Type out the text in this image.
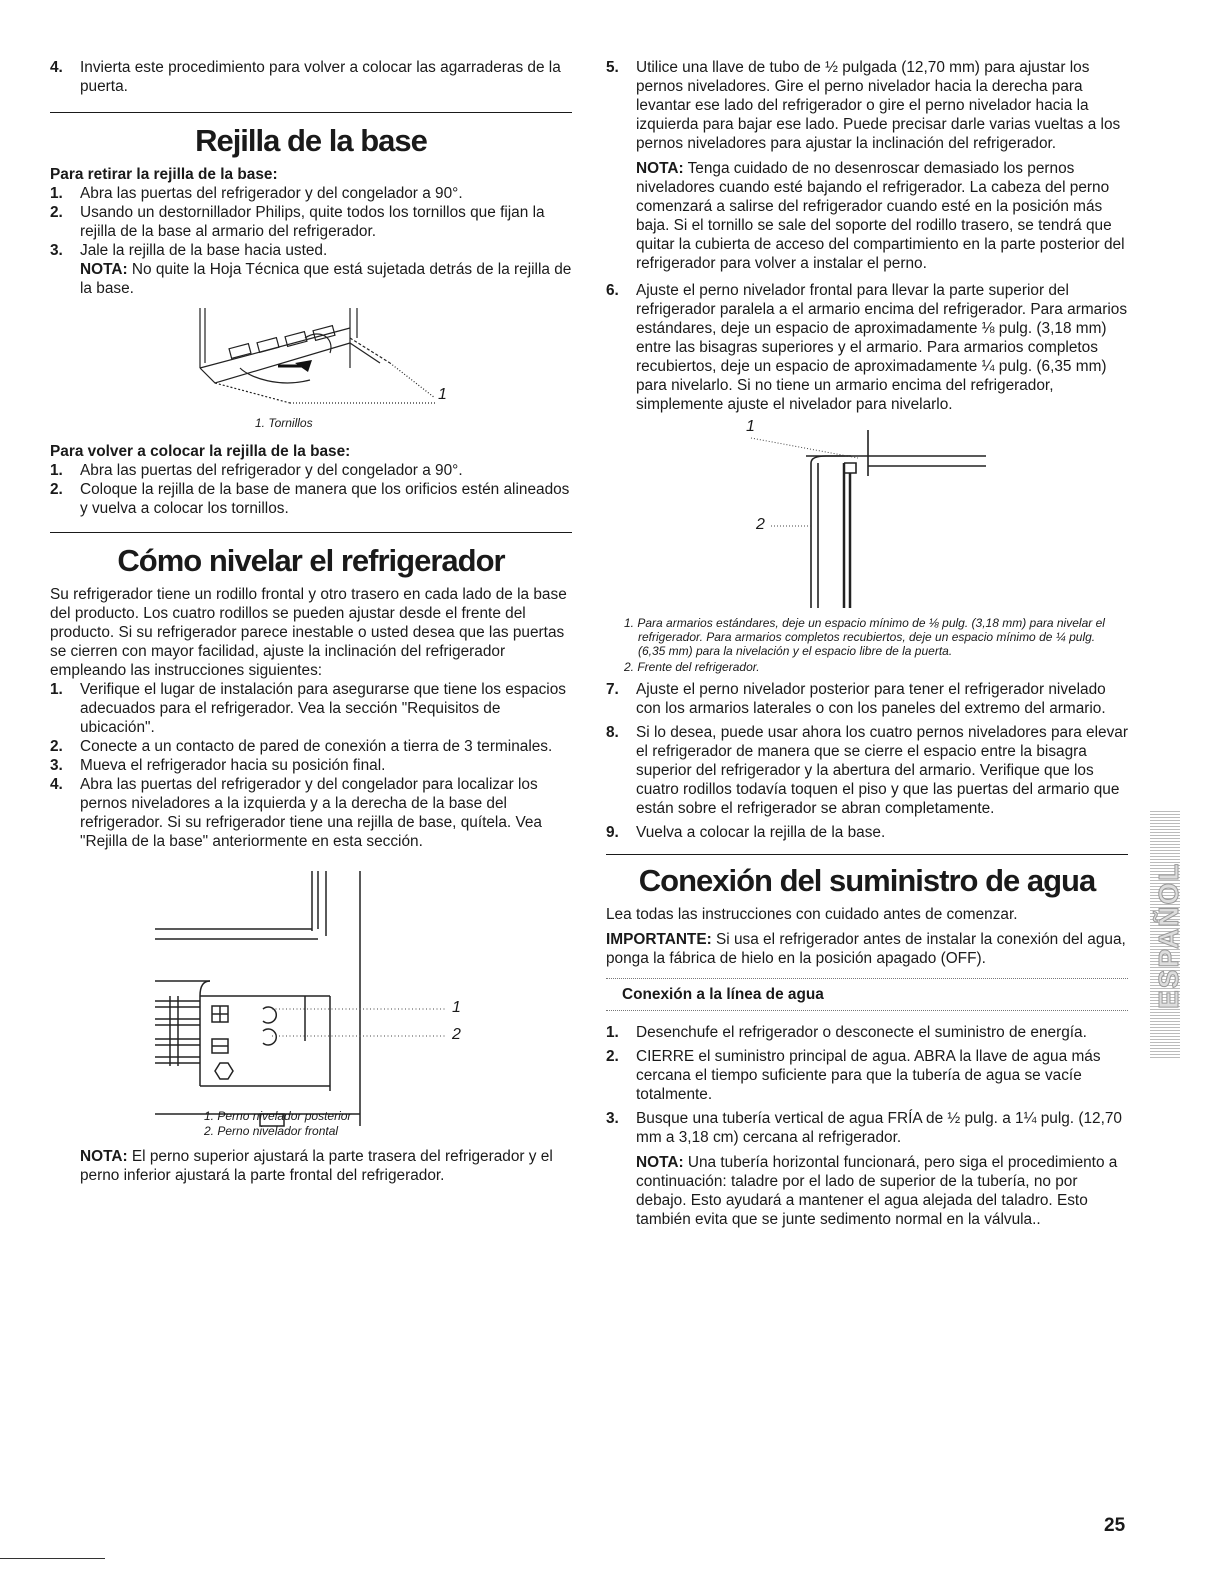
4. Invierta este procedimiento para volver a colocar las agarraderas de la puerta.
Rejilla de la base
Para retirar la rejilla de la base:
1. Abra las puertas del refrigerador y del congelador a 90°.
2. Usando un destornillador Philips, quite todos los tornillos que fijan la rejilla de la base al armario del refrigerador.
3. Jale la rejilla de la base hacia usted.
NOTA: No quite la Hoja Técnica que está sujetada detrás de la rejilla de la base.
1
1. Tornillos
Para volver a colocar la rejilla de la base:
1. Abra las puertas del refrigerador y del congelador a 90°.
2. Coloque la rejilla de la base de manera que los orificios estén alineados y vuelva a colocar los tornillos.
Cómo nivelar el refrigerador
Su refrigerador tiene un rodillo frontal y otro trasero en cada lado de la base del producto. Los cuatro rodillos se pueden ajustar desde el frente del producto. Si su refrigerador parece inestable o usted desea que las puertas se cierren con mayor facilidad, ajuste la inclinación del refrigerador empleando las instrucciones siguientes:
1. Verifique el lugar de instalación para asegurarse que tiene los espacios adecuados para el refrigerador. Vea la sección "Requisitos de ubicación".
2. Conecte a un contacto de pared de conexión a tierra de 3 terminales.
3. Mueva el refrigerador hacia su posición final.
4. Abra las puertas del refrigerador y del congelador para localizar los pernos niveladores a la izquierda y a la derecha de la base del refrigerador. Si su refrigerador tiene una rejilla de base, quítela. Vea "Rejilla de la base" anteriormente en esta sección.
1
2
1. Perno nivelador posterior
2. Perno nivelador frontal
NOTA: El perno superior ajustará la parte trasera del refrigerador y el perno inferior ajustará la parte frontal del refrigerador.
5. Utilice una llave de tubo de ½ pulgada (12,70 mm) para ajustar los pernos niveladores. Gire el perno nivelador hacia la derecha para levantar ese lado del refrigerador o gire el perno nivelador hacia la izquierda para bajar ese lado. Puede precisar darle varias vueltas a los pernos niveladores para ajustar la inclinación del refrigerador.
NOTA: Tenga cuidado de no desenroscar demasiado los pernos niveladores cuando esté bajando el refrigerador. La cabeza del perno comenzará a salirse del refrigerador cuando esté en la posición más baja. Si el tornillo se sale del soporte del rodillo trasero, se tendrá que quitar la cubierta de acceso del compartimiento en la parte posterior del refrigerador para volver a instalar el perno.
6. Ajuste el perno nivelador frontal para llevar la parte superior del refrigerador paralela a el armario encima del refrigerador. Para armarios estándares, deje un espacio de aproximadamente ⅛ pulg. (3,18 mm) entre las bisagras superiores y el armario. Para armarios completos recubiertos, deje un espacio de aproximadamente ¼ pulg. (6,35 mm) para nivelarlo. Si no tiene un armario encima del refrigerador, simplemente ajuste el nivelador para nivelarlo.
1
2
1. Para armarios estándares, deje un espacio mínimo de ⅛ pulg. (3,18 mm) para nivelar el refrigerador. Para armarios completos recubiertos, deje un espacio mínimo de ¼ pulg. (6,35 mm) para la nivelación y el espacio libre de la puerta.
2. Frente del refrigerador.
7. Ajuste el perno nivelador posterior para tener el refrigerador nivelado con los armarios laterales o con los paneles del extremo del armario.
8. Si lo desea, puede usar ahora los cuatro pernos niveladores para elevar el refrigerador de manera que se cierre el espacio entre la bisagra superior del refrigerador y la abertura del armario. Verifique que los cuatro rodillos todavía toquen el piso y que las puertas del armario que están sobre el refrigerador se abran completamente.
9. Vuelva a colocar la rejilla de la base.
Conexión del suministro de agua
Lea todas las instrucciones con cuidado antes de comenzar.
IMPORTANTE: Si usa el refrigerador antes de instalar la conexión del agua, ponga la fábrica de hielo en la posición apagado (OFF).
Conexión a la línea de agua
1. Desenchufe el refrigerador o desconecte el suministro de energía.
2. CIERRE el suministro principal de agua. ABRA la llave de agua más cercana el tiempo suficiente para que la tubería de agua se vacíe totalmente.
3. Busque una tubería vertical de agua FRÍA de ½ pulg. a 1¼ pulg. (12,70 mm a 3,18 cm) cercana al refrigerador.
NOTA: Una tubería horizontal funcionará, pero siga el procedimiento a continuación: taladre por el lado de superior de la tubería, no por debajo. Esto ayudará a mantener el agua alejada del taladro. Esto también evita que se junte sedimento normal en la válvula..
ESPAÑOL
25
